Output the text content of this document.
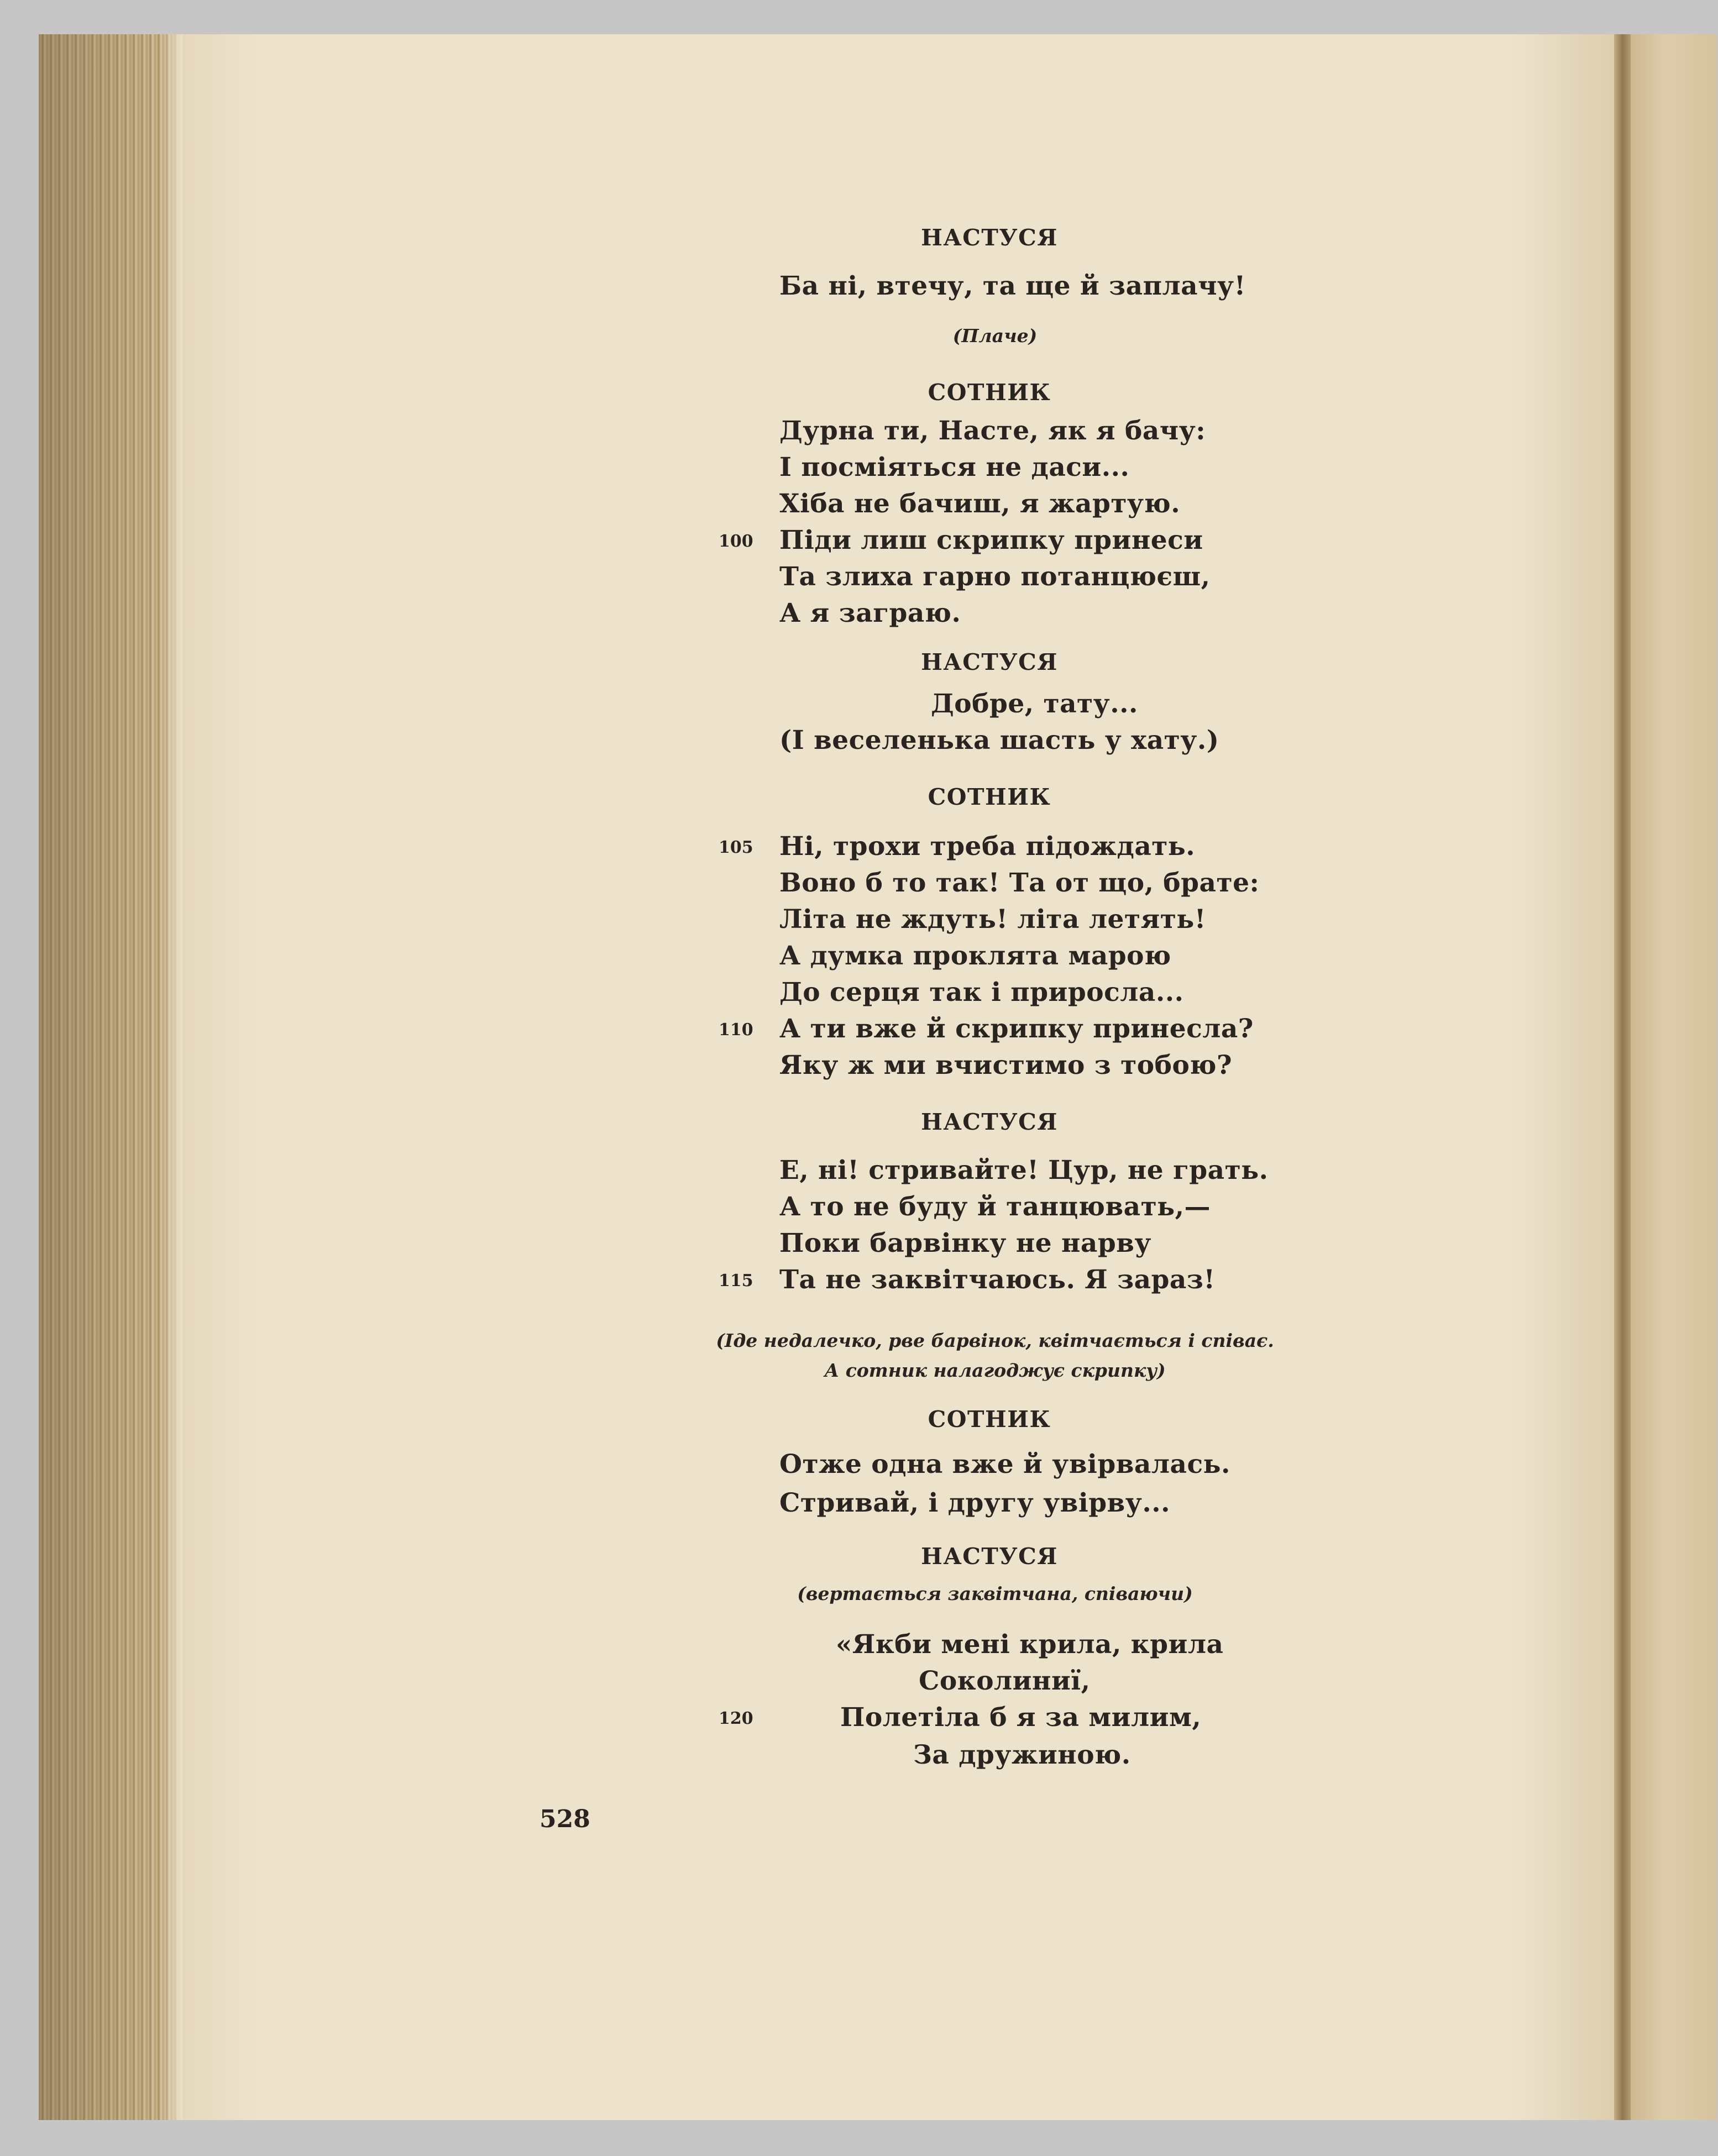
НАСТУСЯ
Ба ні, втечу, та ще й заплачу!
(Плаче)
СОТНИК
Дурна ти, Насте, як я бачу:
І посміяться не даси...
Хіба не бачиш, я жартую.
100 Піди лиш скрипку принеси
Та злиха гарно потанцюєш,
А я заграю.
НАСТУСЯ
Добре, тату...
(І веселенька шасть у хату.)
СОТНИК
105 Ні, трохи треба підождать.
Воно б то так! Та от що, брате:
Літа не ждуть! літа летять!
А думка проклята марою
До серця так і приросла...
110 А ти вже й скрипку принесла?
Яку ж ми вчистимо з тобою?
НАСТУСЯ
Е, ні! стривайте! Цур, не грать.
А то не буду й танцювать,—
Поки барвінку не нарву
115 Та не заквітчаюсь. Я зараз!
(Іде недалечко, рве барвінок, квітчається і співає.
А сотник налагоджує скрипку)
СОТНИК
Отже одна вже й увірвалась.
Стривай, і другу увірву...
НАСТУСЯ
(вертається заквітчана, співаючи)
«Якби мені крила, крила
Соколиниї,
120	Полетіла б я за милим,
За дружиною.
528
